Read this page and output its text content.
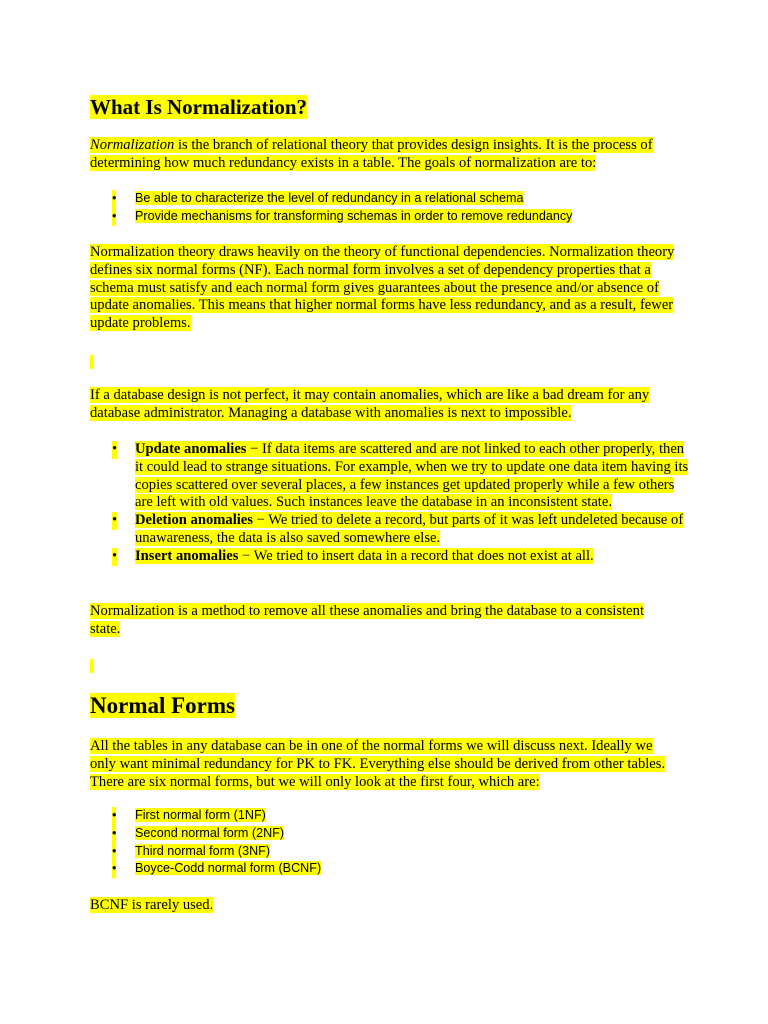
What Is Normalization?
Normalization is the branch of relational theory that provides design insights. It is the process of determining how much redundancy exists in a table. The goals of normalization are to:
• Be able to characterize the level of redundancy in a relational schema
• Provide mechanisms for transforming schemas in order to remove redundancy
Normalization theory draws heavily on the theory of functional dependencies. Normalization theory defines six normal forms (NF). Each normal form involves a set of dependency properties that a schema must satisfy and each normal form gives guarantees about the presence and/or absence of update anomalies. This means that higher normal forms have less redundancy, and as a result, fewer update problems.
If a database design is not perfect, it may contain anomalies, which are like a bad dream for any database administrator. Managing a database with anomalies is next to impossible.
• Update anomalies − If data items are scattered and are not linked to each other properly, then it could lead to strange situations. For example, when we try to update one data item having its copies scattered over several places, a few instances get updated properly while a few others are left with old values. Such instances leave the database in an inconsistent state.
• Deletion anomalies − We tried to delete a record, but parts of it was left undeleted because of unawareness, the data is also saved somewhere else.
• Insert anomalies − We tried to insert data in a record that does not exist at all.
Normalization is a method to remove all these anomalies and bring the database to a consistent state.
Normal Forms
All the tables in any database can be in one of the normal forms we will discuss next. Ideally we only want minimal redundancy for PK to FK. Everything else should be derived from other tables. There are six normal forms, but we will only look at the first four, which are:
• First normal form (1NF)
• Second normal form (2NF)
• Third normal form (3NF)
• Boyce-Codd normal form (BCNF)
BCNF is rarely used.
